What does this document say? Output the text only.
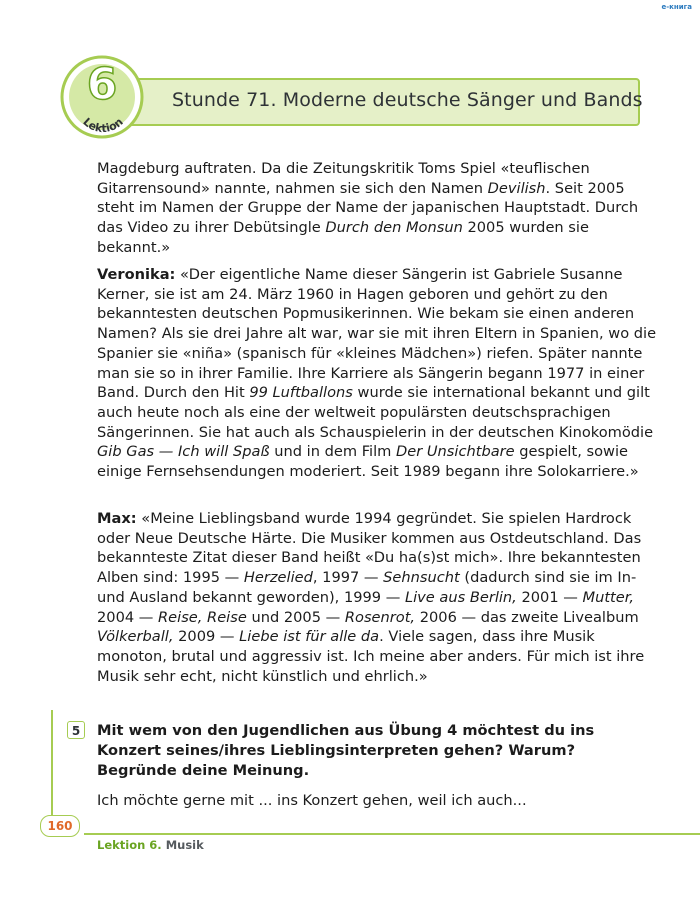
e-книга
6
Lektion
Stunde 71. Moderne deutsche Sänger und Bands

Magdeburg auftraten. Da die Zeitungskritik Toms Spiel «teuflischen Gitarrensound» nannte, nahmen sie sich den Namen Devilish. Seit 2005 steht im Namen der Gruppe der Name der japanischen Hauptstadt. Durch das Video zu ihrer Debütsingle Durch den Monsun 2005 wurden sie bekannt.»

Veronika: «Der eigentliche Name dieser Sängerin ist Gabriele Susanne Kerner, sie ist am 24. März 1960 in Hagen geboren und gehört zu den bekanntesten deutschen Popmusikerinnen. Wie bekam sie einen anderen Namen? Als sie drei Jahre alt war, war sie mit ihren Eltern in Spanien, wo die Spanier sie «niña» (spanisch für «kleines Mädchen») riefen. Später nannte man sie so in ihrer Familie. Ihre Karriere als Sängerin begann 1977 in einer Band. Durch den Hit 99 Luftballons wurde sie international bekannt und gilt auch heute noch als eine der weltweit populärsten deutschsprachigen Sängerinnen. Sie hat auch als Schauspielerin in der deutschen Kinokomödie Gib Gas — Ich will Spaß und in dem Film Der Unsichtbare gespielt, sowie einige Fernsehsendungen moderiert. Seit 1989 begann ihre Solokarriere.»

Max: «Meine Lieblingsband wurde 1994 gegründet. Sie spielen Hardrock oder Neue Deutsche Härte. Die Musiker kommen aus Ostdeutschland. Das bekannteste Zitat dieser Band heißt «Du ha(s)st mich». Ihre bekanntesten Alben sind: 1995 — Herzelied, 1997 — Sehnsucht (dadurch sind sie im In- und Ausland bekannt geworden), 1999 — Live aus Berlin, 2001 — Mutter, 2004 — Reise, Reise und 2005 — Rosenrot, 2006 — das zweite Livealbum Völkerball, 2009 — Liebe ist für alle da. Viele sagen, dass ihre Musik monoton, brutal und aggressiv ist. Ich meine aber anders. Für mich ist ihre Musik sehr echt, nicht künstlich und ehrlich.»

5	Mit wem von den Jugendlichen aus Übung 4 möchtest du ins Konzert seines/ihres Lieblingsinterpreten gehen? Warum? Begründe deine Meinung.
Ich möchte gerne mit ... ins Konzert gehen, weil ich auch...
160
Lektion 6. Musik
